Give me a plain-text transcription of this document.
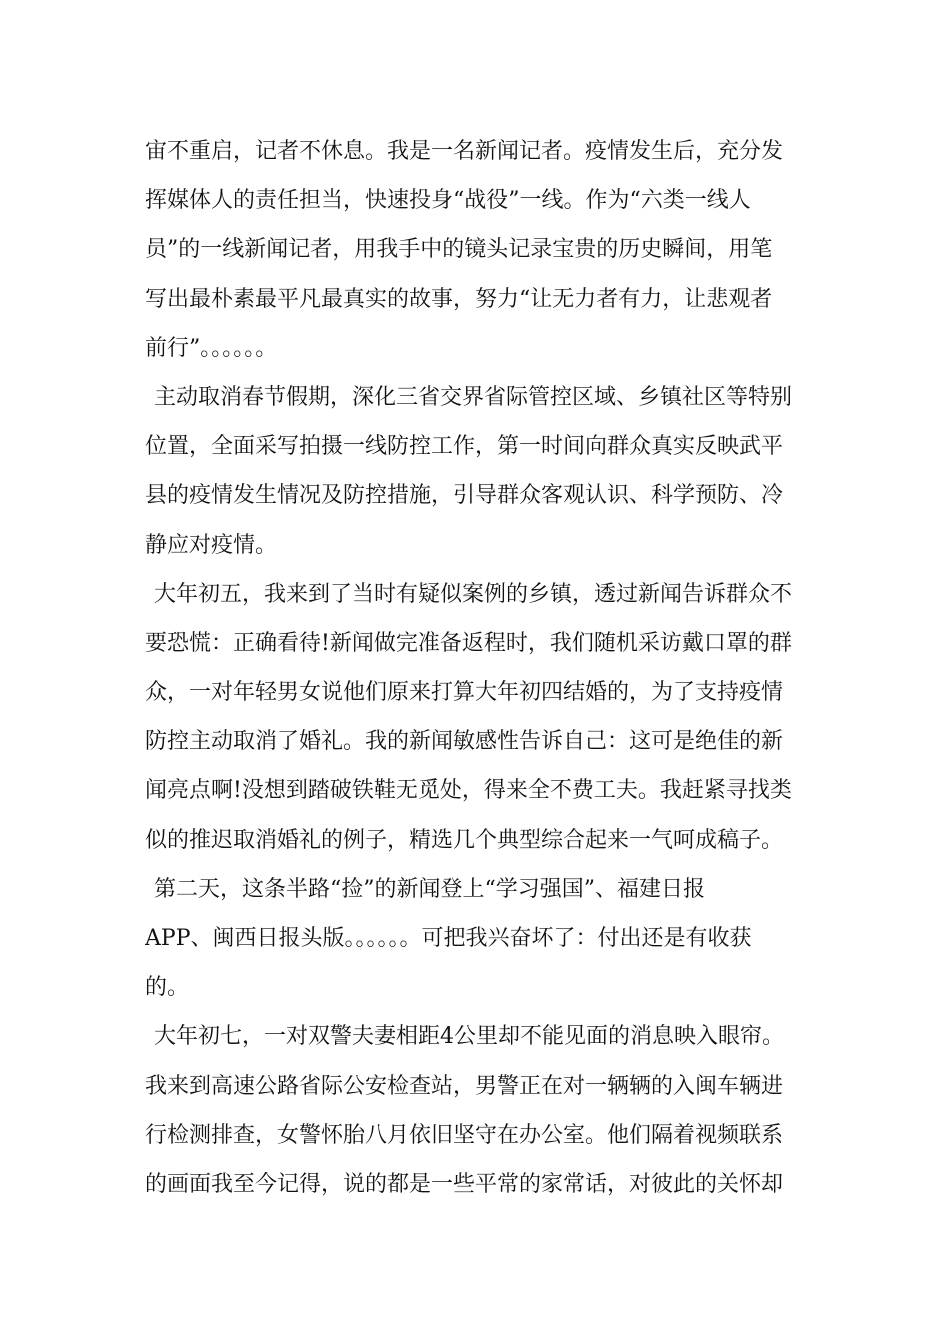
宙不重启，记者不休息。我是一名新闻记者。疫情发生后，充分发
挥媒体人的责任担当，快速投身“战役”一线。作为“六类一线人
员”的一线新闻记者，用我手中的镜头记录宝贵的历史瞬间，用笔
写出最朴素最平凡最真实的故事，努力“让无力者有力，让悲观者
前行”。。。。。。
主动取消春节假期，深化三省交界省际管控区域、乡镇社区等特别
位置，全面采写拍摄一线防控工作，第一时间向群众真实反映武平
县的疫情发生情况及防控措施，引导群众客观认识、科学预防、冷
静应对疫情。
大年初五，我来到了当时有疑似案例的乡镇，透过新闻告诉群众不
要恐慌：正确看待!新闻做完准备返程时，我们随机采访戴口罩的群
众，一对年轻男女说他们原来打算大年初四结婚的，为了支持疫情
防控主动取消了婚礼。我的新闻敏感性告诉自己：这可是绝佳的新
闻亮点啊!没想到踏破铁鞋无觅处，得来全不费工夫。我赶紧寻找类
似的推迟取消婚礼的例子，精选几个典型综合起来一气呵成稿子。
第二天，这条半路“捡”的新闻登上“学习强国”、福建日报
APP、闽西日报头版。。。。。。可把我兴奋坏了：付出还是有收获
的。
大年初七，一对双警夫妻相距4公里却不能见面的消息映入眼帘。
我来到高速公路省际公安检查站，男警正在对一辆辆的入闽车辆进
行检测排查，女警怀胎八月依旧坚守在办公室。他们隔着视频联系
的画面我至今记得，说的都是一些平常的家常话，对彼此的关怀却
